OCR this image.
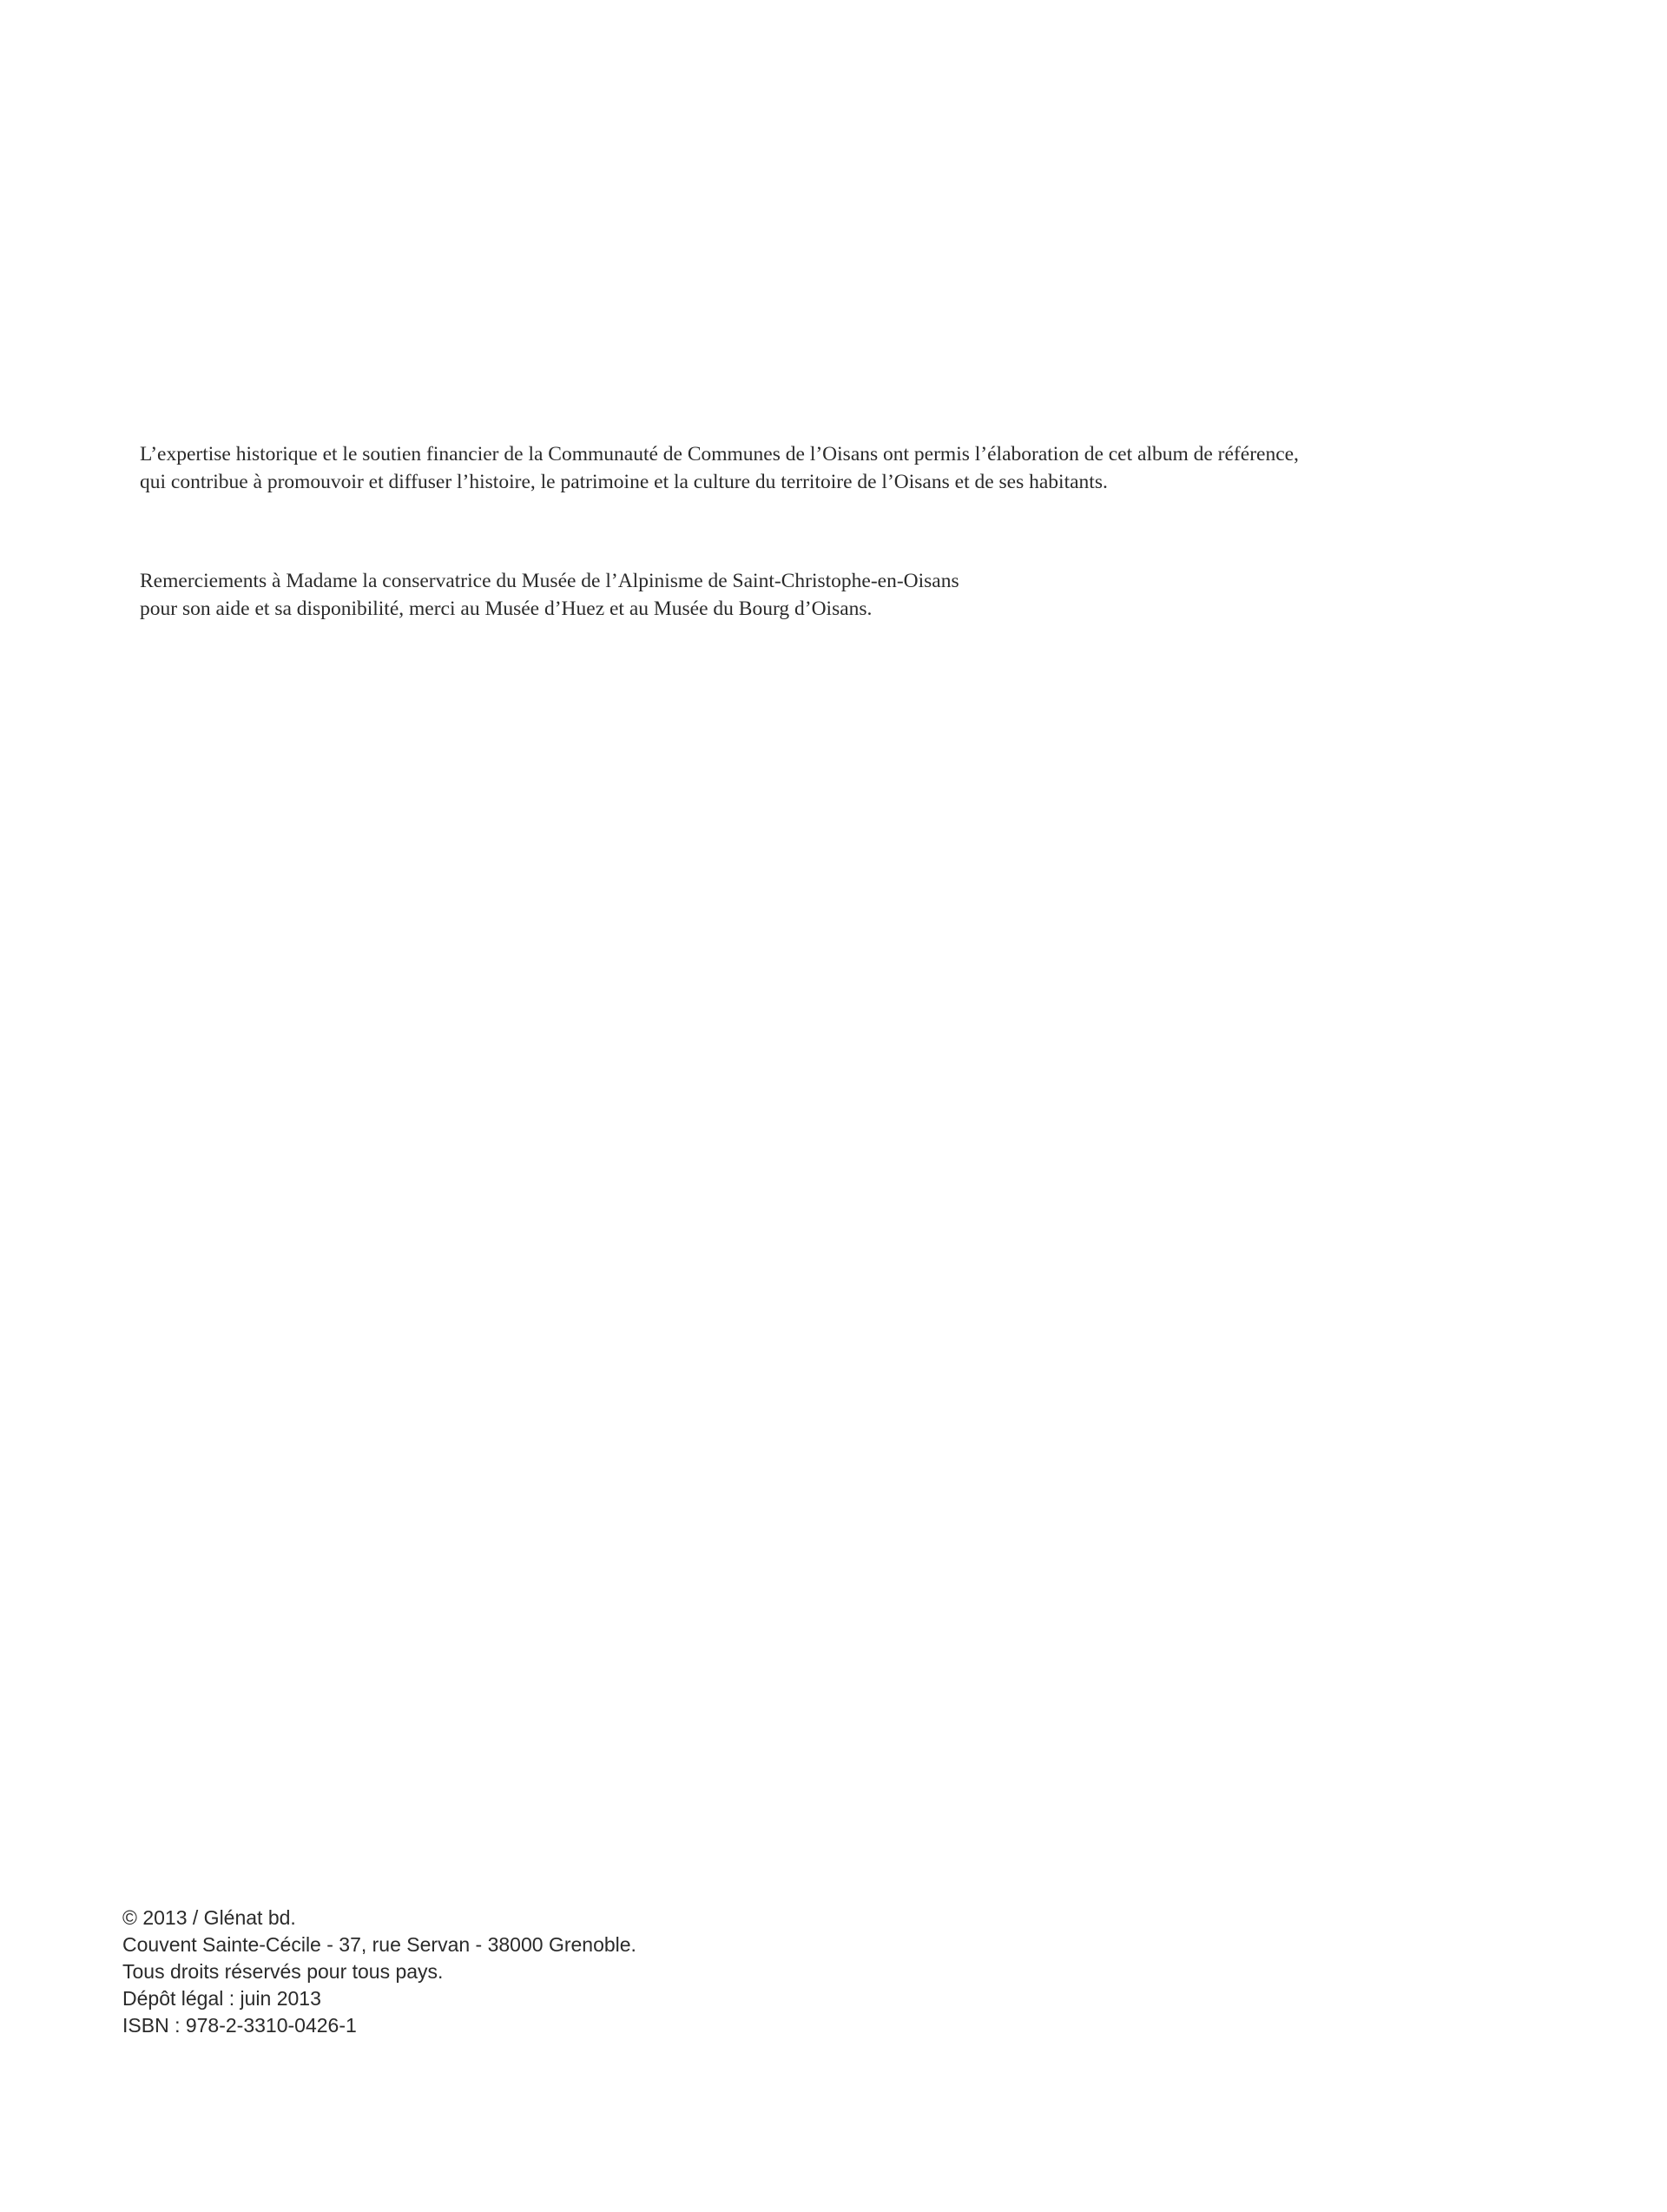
L’expertise historique et le soutien financier de la Communauté de Communes de l’Oisans ont permis l’élaboration de cet album de référence,
qui contribue à promouvoir et diffuser l’histoire, le patrimoine et la culture du territoire de l’Oisans et de ses habitants.
Remerciements à Madame la conservatrice du Musée de l’Alpinisme de Saint-Christophe-en-Oisans
pour son aide et sa disponibilité, merci au Musée d’Huez et au Musée du Bourg d’Oisans.
© 2013 / Glénat bd.
Couvent Sainte-Cécile - 37, rue Servan - 38000 Grenoble.
Tous droits réservés pour tous pays.
Dépôt légal : juin 2013
ISBN : 978-2-3310-0426-1
